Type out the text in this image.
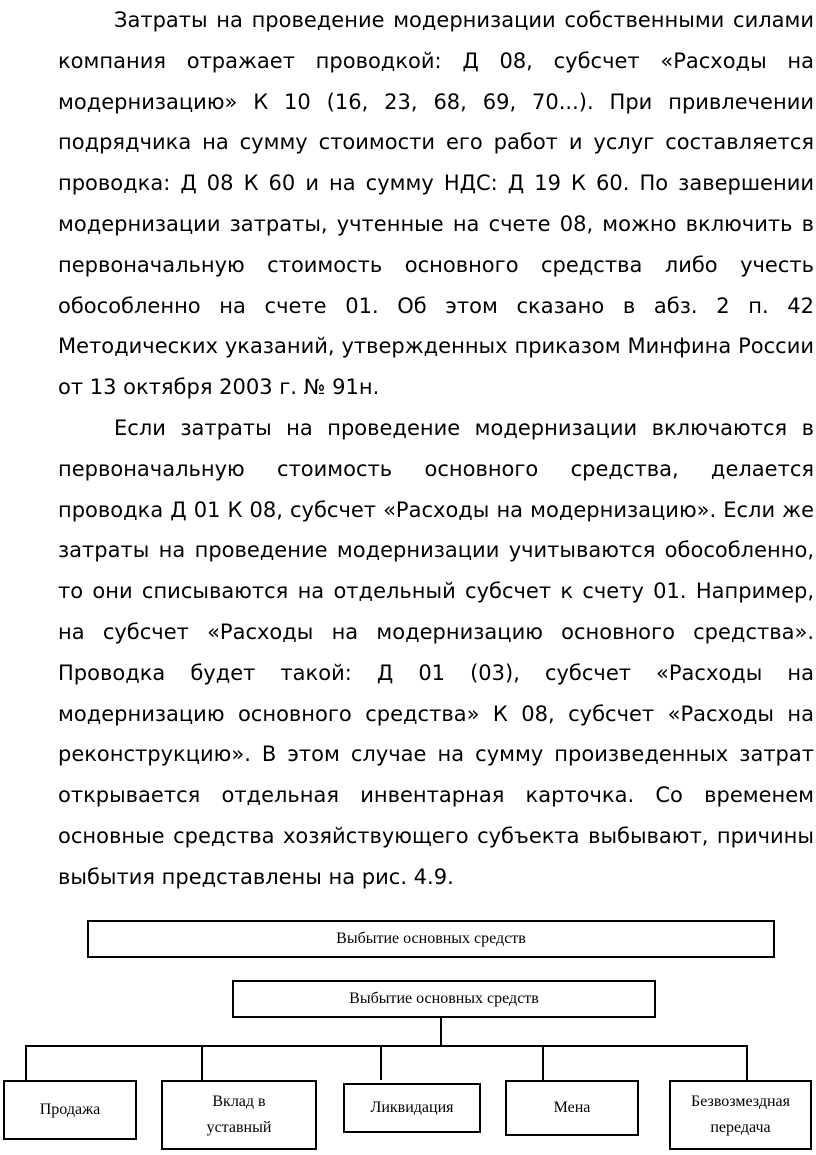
Затраты на проведение модернизации собственными силами компания отражает проводкой: Д 08, субсчет «Расходы на модернизацию» К 10 (16, 23, 68, 69, 70...). При привлечении подрядчика на сумму стоимости его работ и услуг составляется проводка: Д 08 К 60 и на сумму НДС: Д 19 К 60. По завершении модернизации затраты, учтенные на счете 08, можно включить в первоначальную стоимость основного средства либо учесть обособленно на счете 01. Об этом сказано в абз. 2 п. 42 Методических указаний, утвержденных приказом Минфина России от 13 октября 2003 г. № 91н.

Если затраты на проведение модернизации включаются в первоначальную стоимость основного средства, делается проводка Д 01 К 08, субсчет «Расходы на модернизацию». Если же затраты на проведение модернизации учитываются обособленно, то они списываются на отдельный субсчет к счету 01. Например, на субсчет «Расходы на модернизацию основного средства». Проводка будет такой: Д 01 (03), субсчет «Расходы на модернизацию основного средства» К 08, субсчет «Расходы на реконструкцию». В этом случае на сумму произведенных затрат открывается отдельная инвентарная карточка. Со временем основные средства хозяйствующего субъекта выбывают, причины выбытия представлены на рис. 4.9.

Выбытие основных средств
Выбытие основных средств
Продажа	Вклад в уставный
Ликвидация	Мена	Безвозмездная передача
